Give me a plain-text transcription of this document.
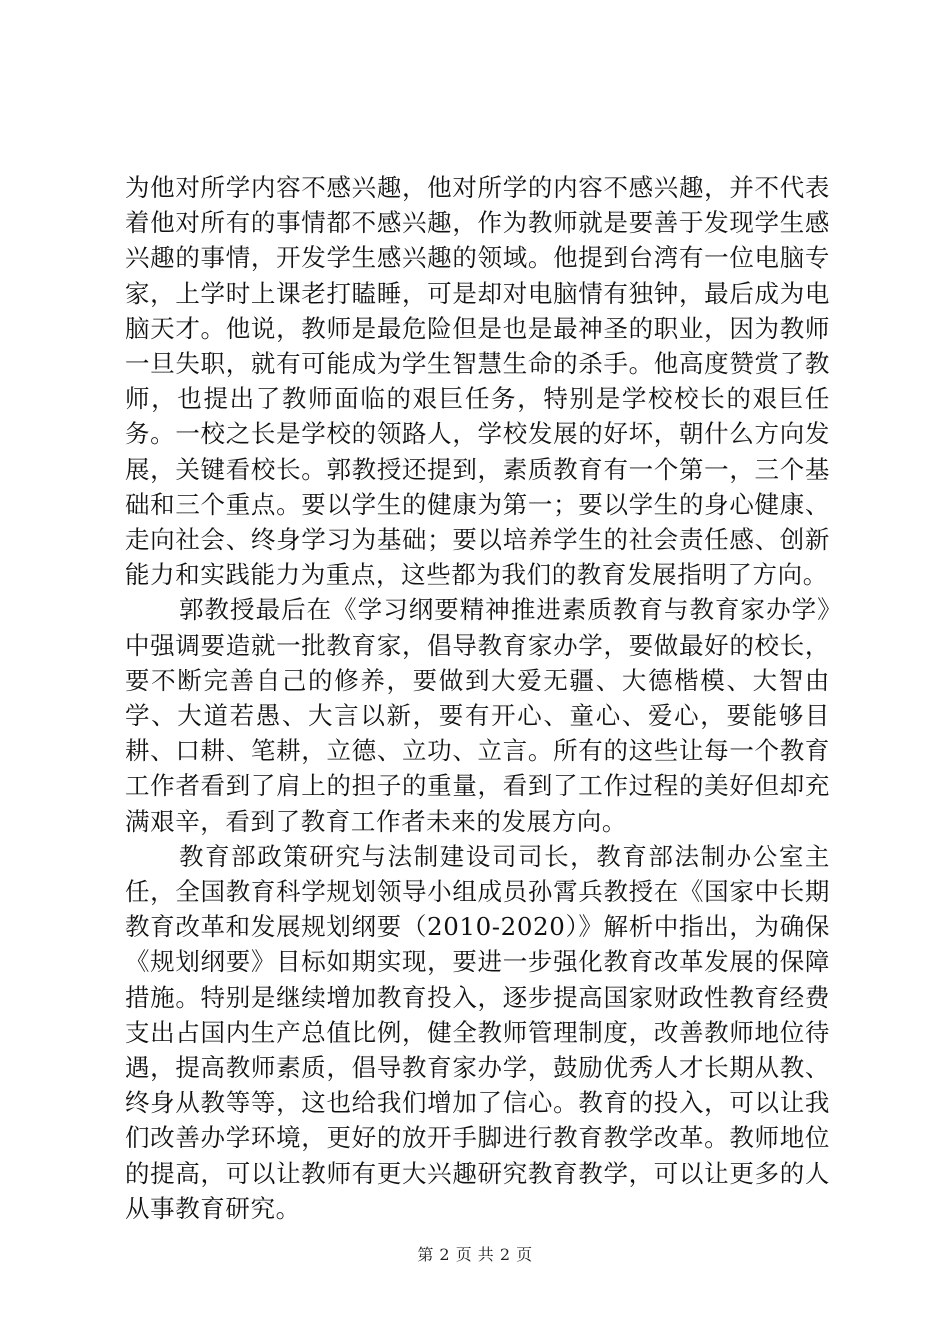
为他对所学内容不感兴趣，他对所学的内容不感兴趣，并不代表着他对所有的事情都不感兴趣，作为教师就是要善于发现学生感兴趣的事情，开发学生感兴趣的领域。他提到台湾有一位电脑专家，上学时上课老打瞌睡，可是却对电脑情有独钟，最后成为电脑天才。他说，教师是最危险但是也是最神圣的职业，因为教师一旦失职，就有可能成为学生智慧生命的杀手。他高度赞赏了教师，也提出了教师面临的艰巨任务，特别是学校校长的艰巨任务。一校之长是学校的领路人，学校发展的好坏，朝什么方向发展，关键看校长。郭教授还提到，素质教育有一个第一，三个基础和三个重点。要以学生的健康为第一；要以学生的身心健康、走向社会、终身学习为基础；要以培养学生的社会责任感、创新能力和实践能力为重点，这些都为我们的教育发展指明了方向。

郭教授最后在《学习纲要精神推进素质教育与教育家办学》中强调要造就一批教育家，倡导教育家办学，要做最好的校长，要不断完善自己的修养，要做到大爱无疆、大德楷模、大智由学、大道若愚、大言以新，要有开心、童心、爱心，要能够目耕、口耕、笔耕，立德、立功、立言。所有的这些让每一个教育工作者看到了肩上的担子的重量，看到了工作过程的美好但却充满艰辛，看到了教育工作者未来的发展方向。

教育部政策研究与法制建设司司长，教育部法制办公室主任，全国教育科学规划领导小组成员孙霄兵教授在《国家中长期教育改革和发展规划纲要（2010-2020）》解析中指出，为确保《规划纲要》目标如期实现，要进一步强化教育改革发展的保障措施。特别是继续增加教育投入，逐步提高国家财政性教育经费支出占国内生产总值比例，健全教师管理制度，改善教师地位待遇，提高教师素质，倡导教育家办学，鼓励优秀人才长期从教、终身从教等等，这也给我们增加了信心。教育的投入，可以让我们改善办学环境，更好的放开手脚进行教育教学改革。教师地位的提高，可以让教师有更大兴趣研究教育教学，可以让更多的人从事教育研究。

第 2 页 共 2 页
